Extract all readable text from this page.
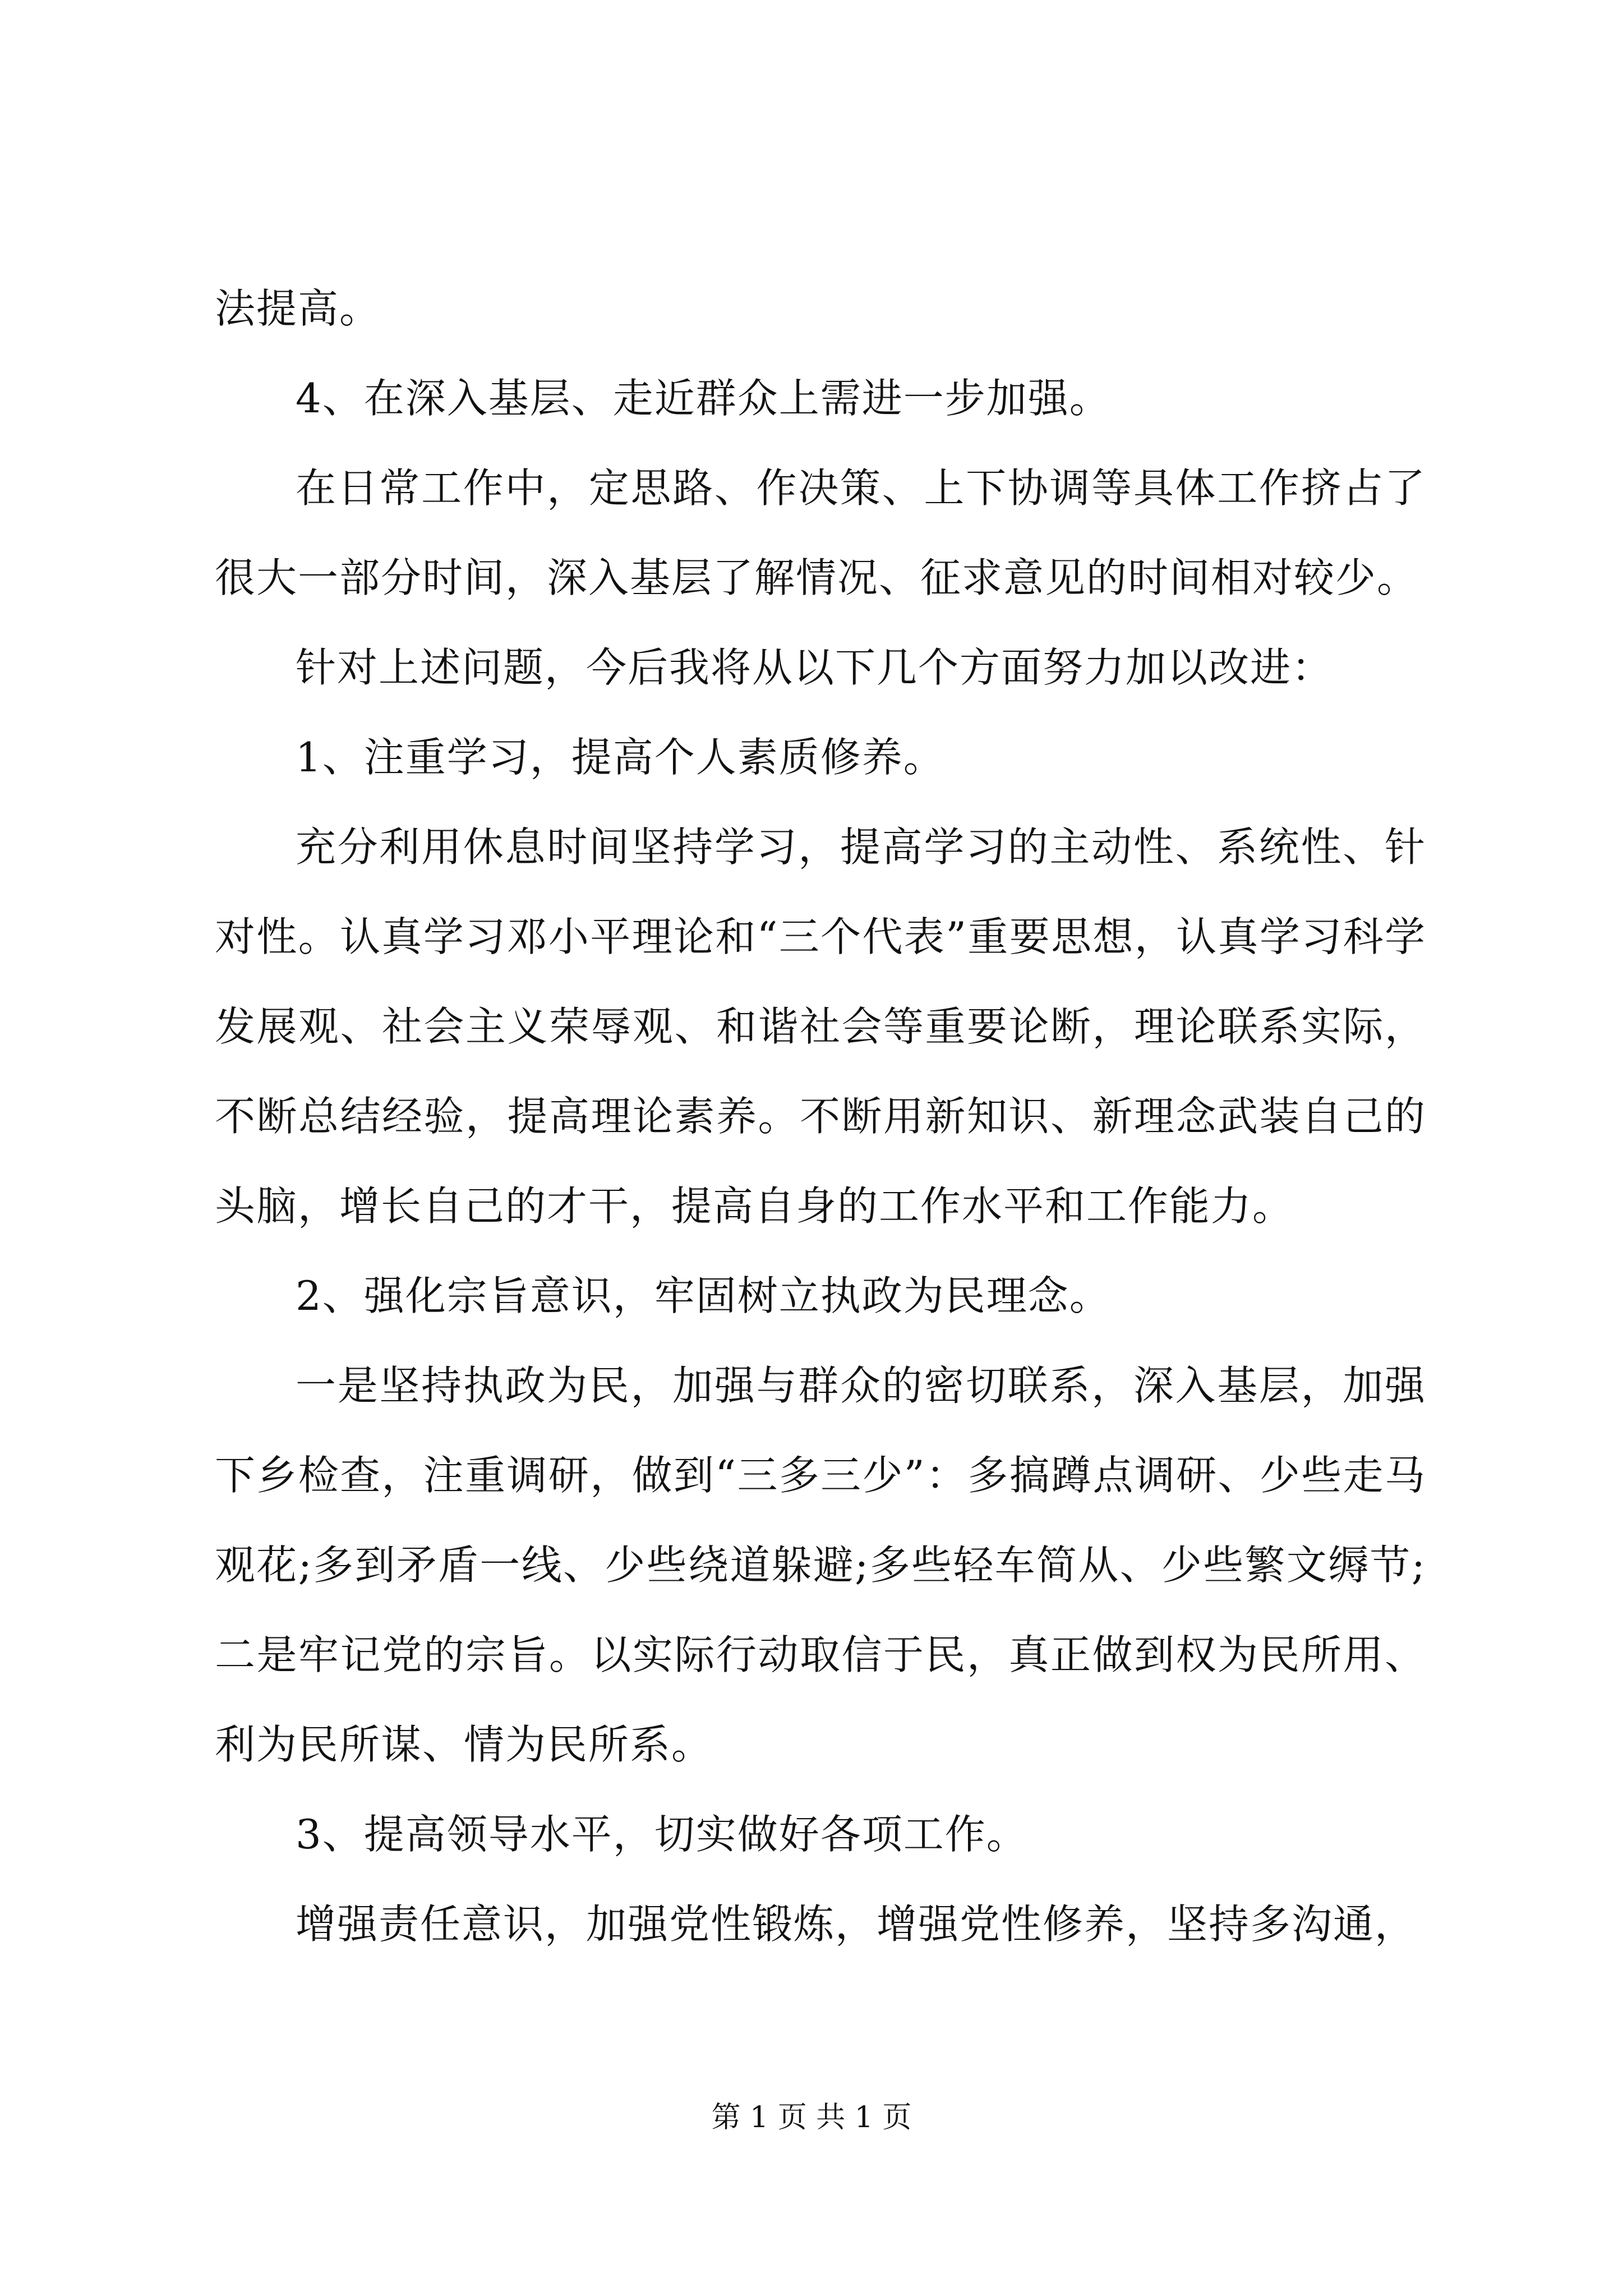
法提高。

4、在深入基层、走近群众上需进一步加强。

在日常工作中，定思路、作决策、上下协调等具体工作挤占了很大一部分时间，深入基层了解情况、征求意见的时间相对较少。

针对上述问题，今后我将从以下几个方面努力加以改进：

1、注重学习，提高个人素质修养。

充分利用休息时间坚持学习，提高学习的主动性、系统性、针对性。认真学习邓小平理论和“三个代表”重要思想，认真学习科学发展观、社会主义荣辱观、和谐社会等重要论断，理论联系实际，不断总结经验，提高理论素养。不断用新知识、新理念武装自己的头脑，增长自己的才干，提高自身的工作水平和工作能力。

2、强化宗旨意识，牢固树立执政为民理念。

一是坚持执政为民，加强与群众的密切联系，深入基层，加强下乡检查，注重调研，做到“三多三少”：多搞蹲点调研、少些走马观花;多到矛盾一线、少些绕道躲避;多些轻车简从、少些繁文缛节;二是牢记党的宗旨。以实际行动取信于民，真正做到权为民所用、利为民所谋、情为民所系。

3、提高领导水平，切实做好各项工作。

增强责任意识，加强党性锻炼，增强党性修养，坚持多沟通，

第 1 页 共 1 页
